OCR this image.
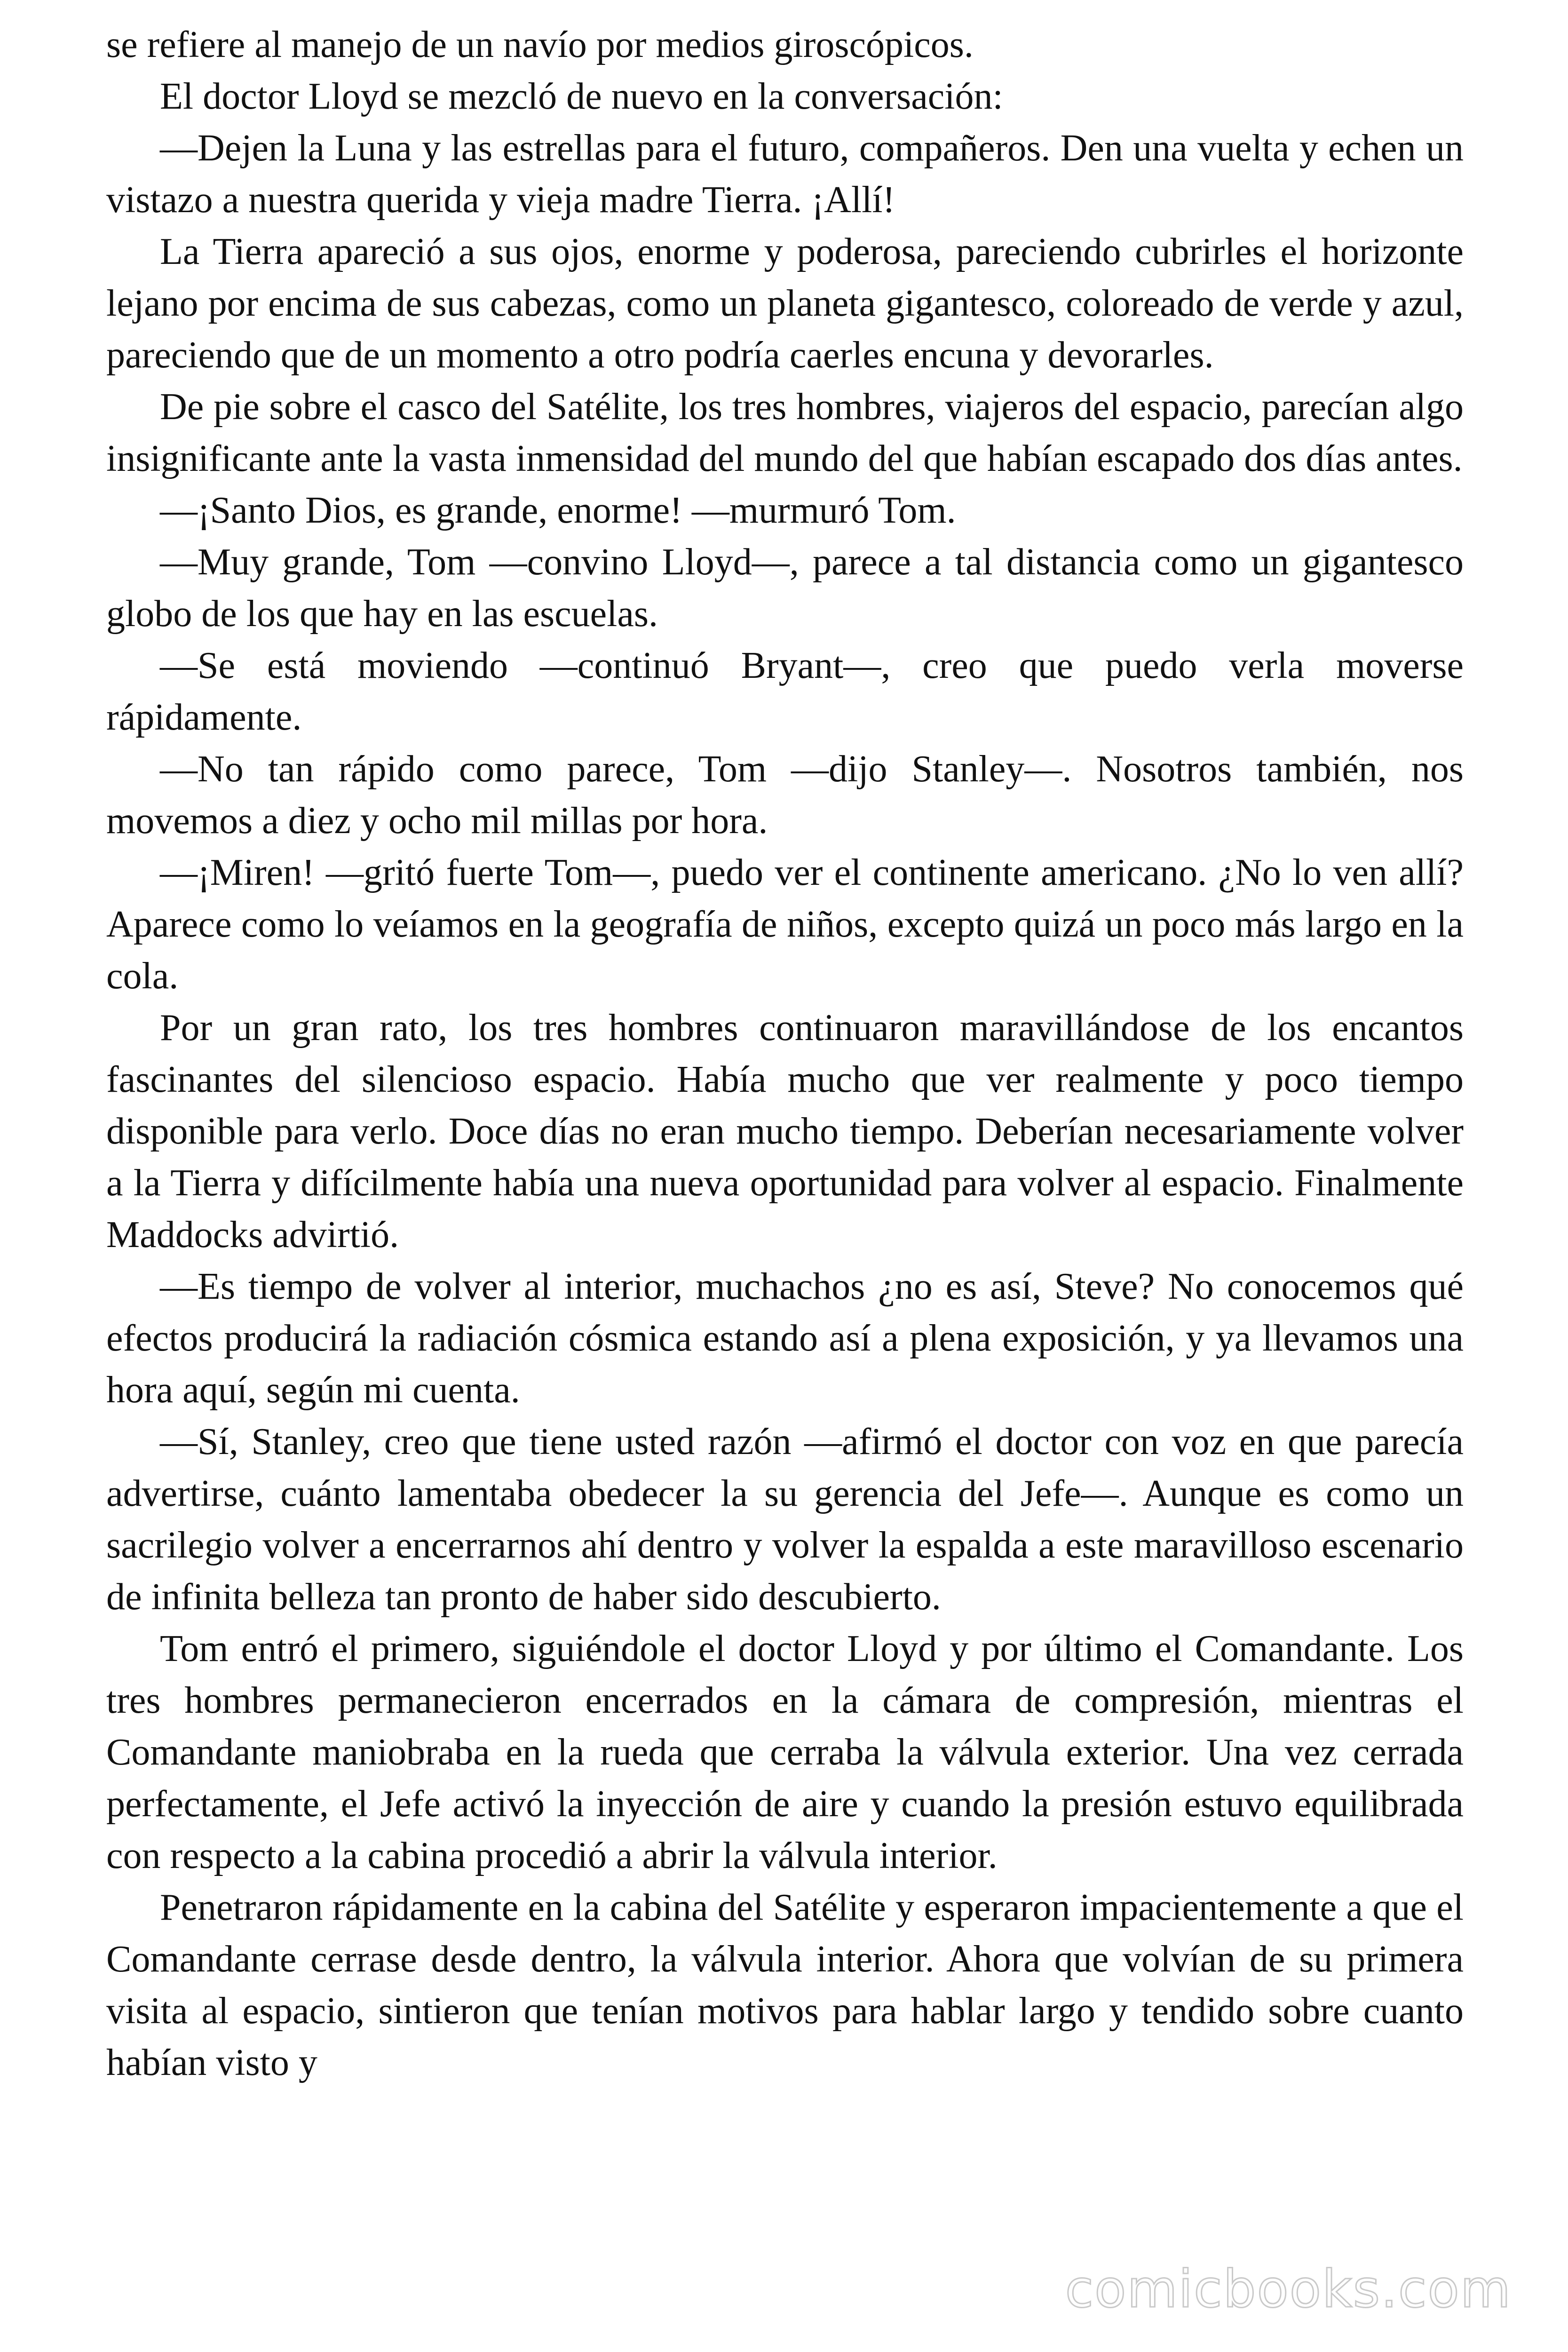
se refiere al manejo de un navío por medios giroscópicos.

El doctor Lloyd se mezcló de nuevo en la conversación:

—Dejen la Luna y las estrellas para el futuro, compañeros. Den una vuelta y echen un vistazo a nuestra querida y vieja madre Tierra. ¡Allí!

La Tierra apareció a sus ojos, enorme y poderosa, pareciendo cubrirles el horizonte lejano por encima de sus cabezas, como un planeta gigantesco, coloreado de verde y azul, pareciendo que de un momento a otro podría caerles encuna y devorarles.

De pie sobre el casco del Satélite, los tres hombres, viajeros del espacio, parecían algo insignificante ante la vasta inmensidad del mundo del que habían escapado dos días antes.

—¡Santo Dios, es grande, enorme! —murmuró Tom.

—Muy grande, Tom —convino Lloyd—, parece a tal distancia como un gigantesco globo de los que hay en las escuelas.

—Se está moviendo —continuó Bryant—, creo que puedo verla moverse rápidamente.

—No tan rápido como parece, Tom —dijo Stanley—. Nosotros también, nos movemos a diez y ocho mil millas por hora.

—¡Miren! —gritó fuerte Tom—, puedo ver el continente americano. ¿No lo ven allí? Aparece como lo veíamos en la geografía de niños, excepto quizá un poco más largo en la cola.

Por un gran rato, los tres hombres continuaron maravillándose de los encantos fascinantes del silencioso espacio. Había mucho que ver realmente y poco tiempo disponible para verlo. Doce días no eran mucho tiempo. Deberían necesariamente volver a la Tierra y difícilmente había una nueva oportunidad para volver al espacio. Finalmente Maddocks advirtió.

—Es tiempo de volver al interior, muchachos ¿no es así, Steve? No conocemos qué efectos producirá la radiación cósmica estando así a plena exposición, y ya llevamos una hora aquí, según mi cuenta.

—Sí, Stanley, creo que tiene usted razón —afirmó el doctor con voz en que parecía advertirse, cuánto lamentaba obedecer la su gerencia del Jefe—. Aunque es como un sacrilegio volver a encerrarnos ahí dentro y volver la espalda a este maravilloso escenario de infinita belleza tan pronto de haber sido descubierto.

Tom entró el primero, siguiéndole el doctor Lloyd y por último el Comandante. Los tres hombres permanecieron encerrados en la cámara de compresión, mientras el Comandante maniobraba en la rueda que cerraba la válvula exterior. Una vez cerrada perfectamente, el Jefe activó la inyección de aire y cuando la presión estuvo equilibrada con respecto a la cabina procedió a abrir la válvula interior.

Penetraron rápidamente en la cabina del Satélite y esperaron impacientemente a que el Comandante cerrase desde dentro, la válvula interior. Ahora que volvían de su primera visita al espacio, sintieron que tenían motivos para hablar largo y tendido sobre cuanto habían visto y

comicbooks.com
